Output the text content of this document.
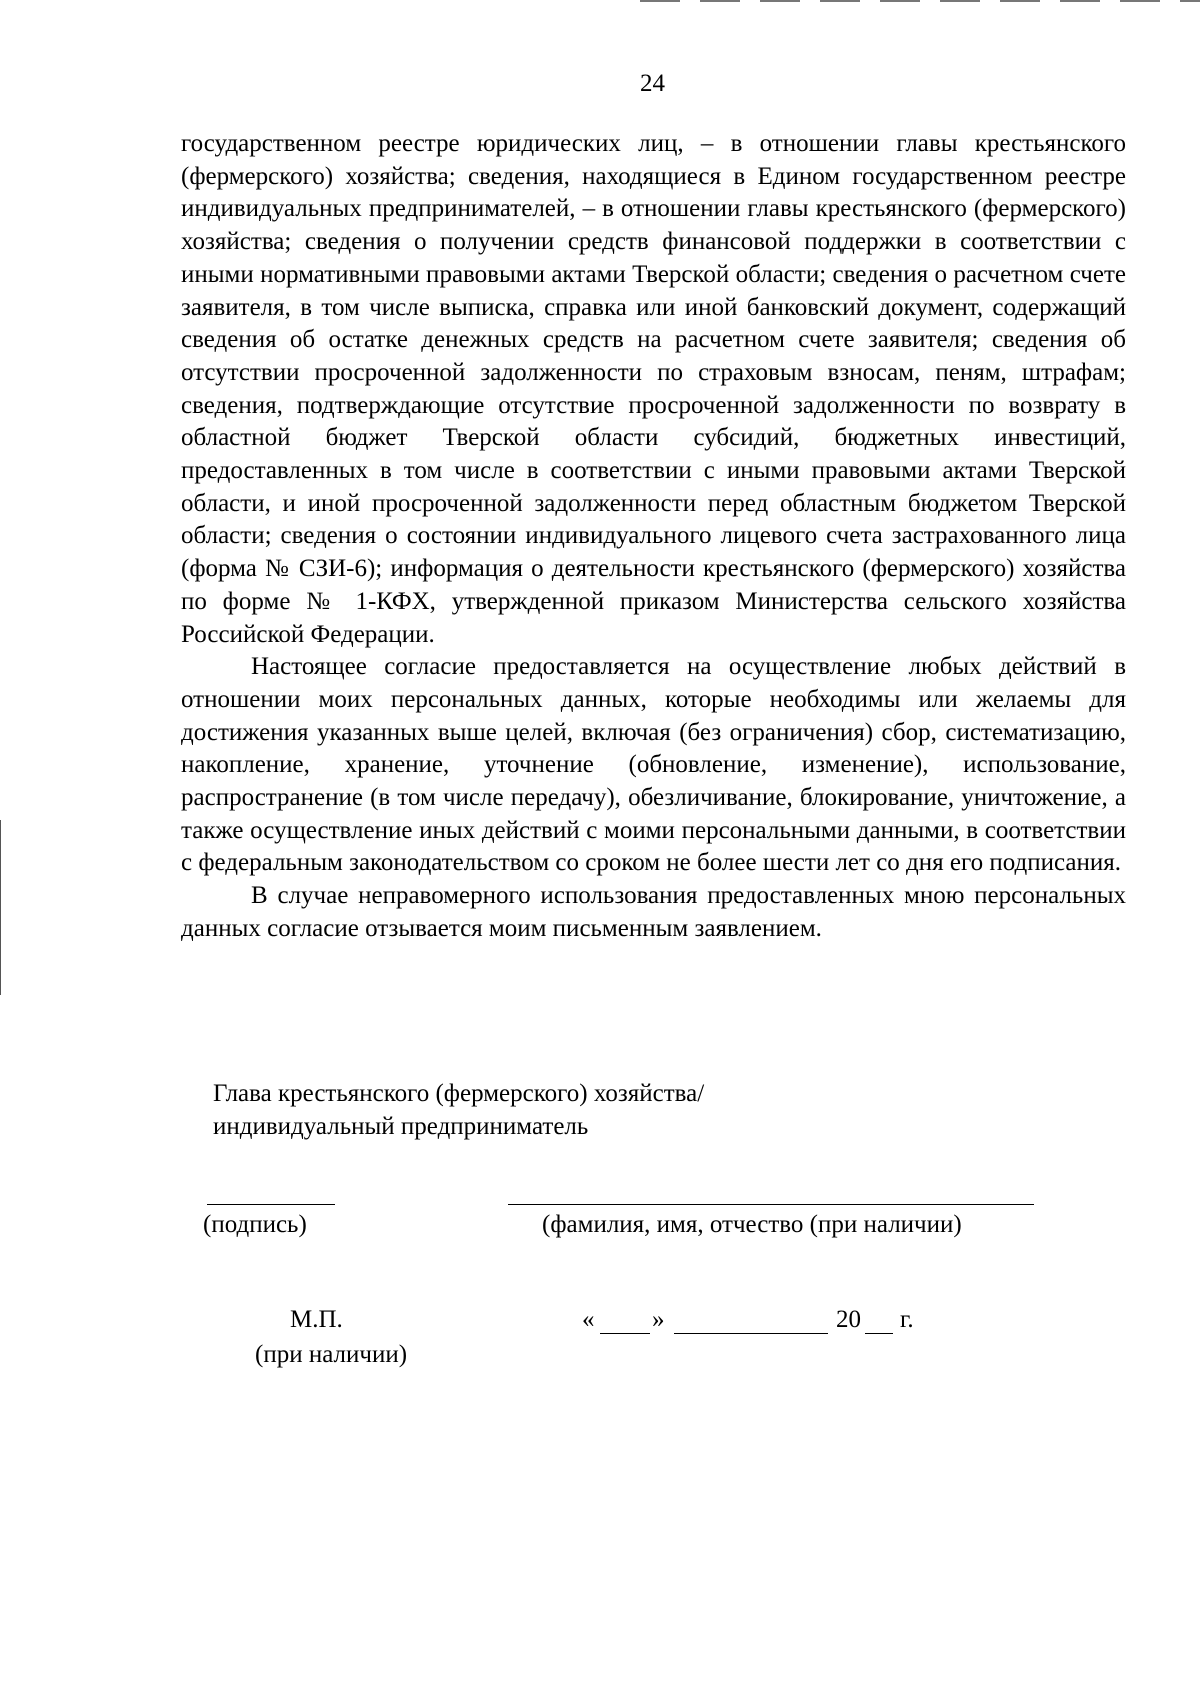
24

государственном реестре юридических лиц, – в отношении главы крестьянского (фермерского) хозяйства; сведения, находящиеся в Едином государственном реестре индивидуальных предпринимателей, – в отношении главы крестьянского (фермерского) хозяйства; сведения о получении средств финансовой поддержки в соответствии с иными нормативными правовыми актами Тверской области; сведения о расчетном счете заявителя, в том числе выписка, справка или иной банковский документ, содержащий сведения об остатке денежных средств на расчетном счете заявителя; сведения об отсутствии просроченной задолженности по страховым взносам, пеням, штрафам; сведения, подтверждающие отсутствие просроченной задолженности по возврату в областной бюджет Тверской области субсидий, бюджетных инвестиций, предоставленных в том числе в соответствии с иными правовыми актами Тверской области, и иной просроченной задолженности перед областным бюджетом Тверской области; сведения о состоянии индивидуального лицевого счета застрахованного лица (форма № СЗИ-6); информация о деятельности крестьянского (фермерского) хозяйства по форме № 1-КФХ, утвержденной приказом Министерства сельского хозяйства Российской Федерации.

Настоящее согласие предоставляется на осуществление любых действий в отношении моих персональных данных, которые необходимы или желаемы для достижения указанных выше целей, включая (без ограничения) сбор, систематизацию, накопление, хранение, уточнение (обновление, изменение), использование, распространение (в том числе передачу), обезличивание, блокирование, уничтожение, а также осуществление иных действий с моими персональными данными, в соответствии с федеральным законодательством со сроком не более шести лет со дня его подписания.

В случае неправомерного использования предоставленных мною персональных данных согласие отзывается моим письменным заявлением.

Глава крестьянского (фермерского) хозяйства/
индивидуальный предприниматель
(подпись)	(фамилия, имя, отчество (при наличии)
М.П.
(при наличии)
« »	20 г.
